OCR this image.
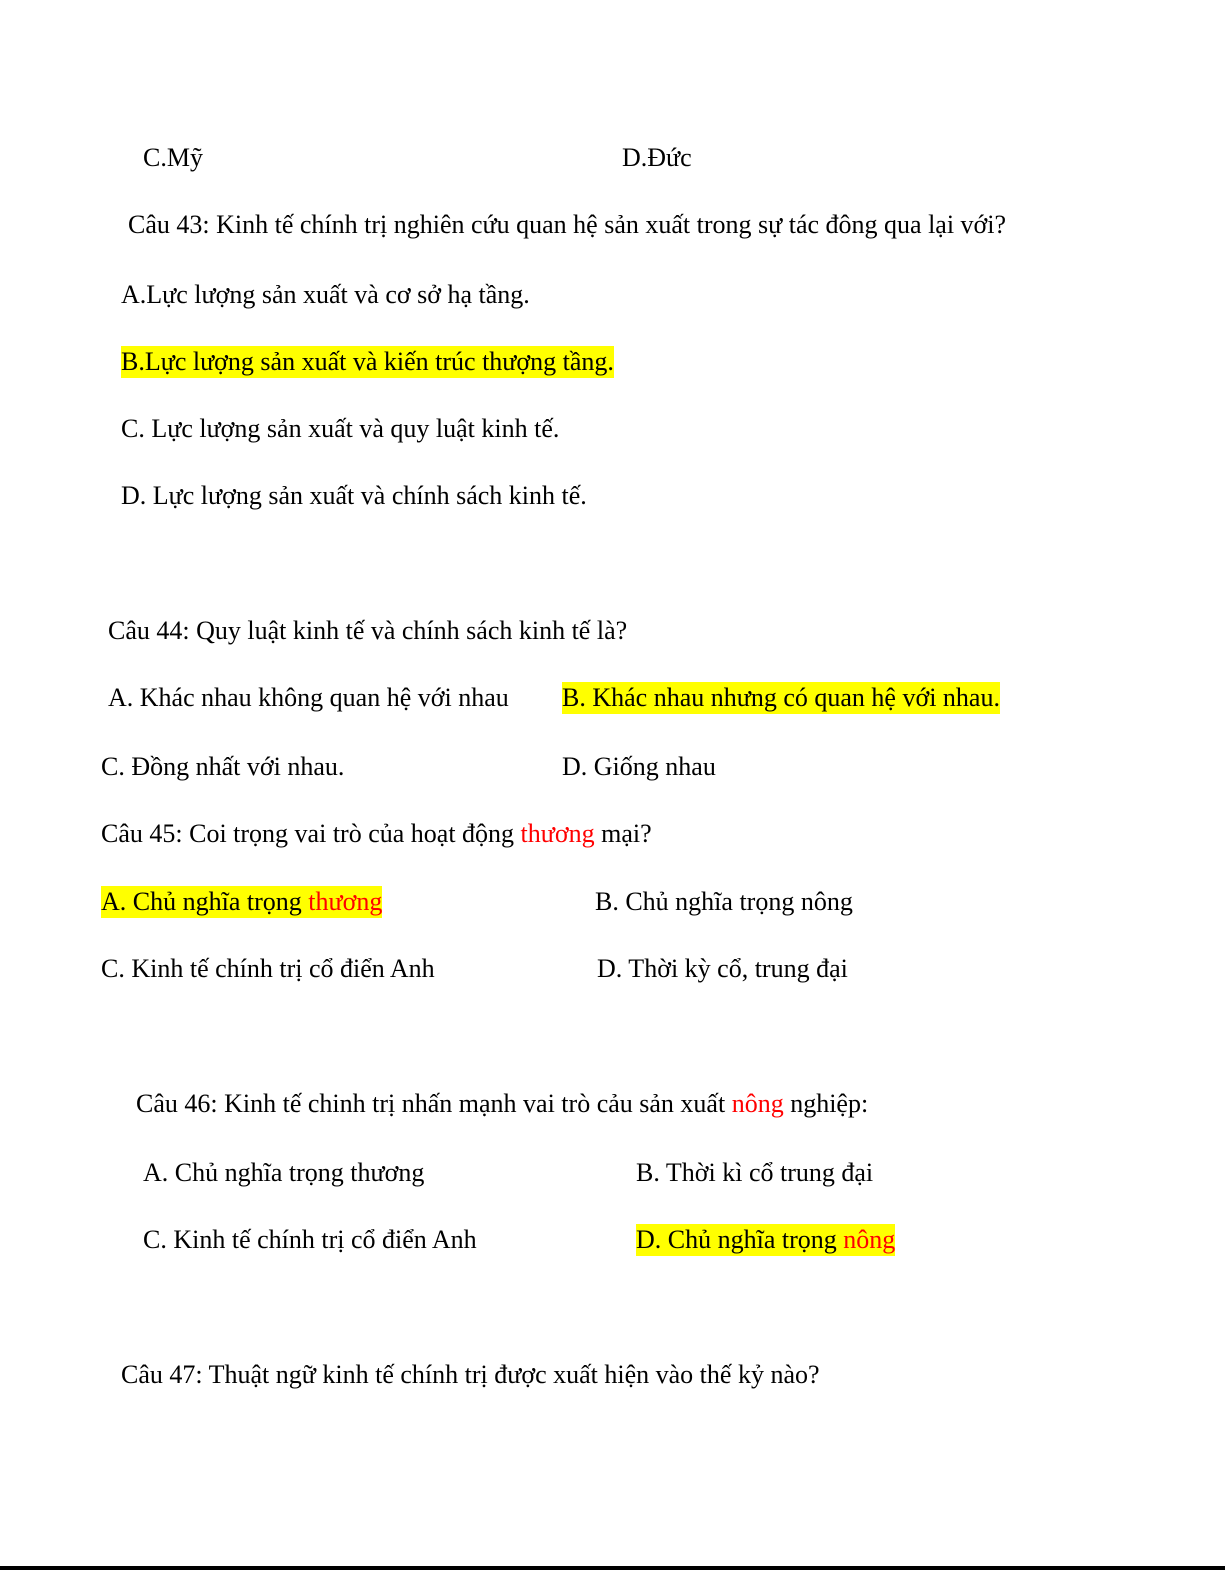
C.Mỹ	D.Đức
Câu 43: Kinh tế chính trị nghiên cứu quan hệ sản xuất trong sự tác đông qua lại với?
A.Lực lượng sản xuất và cơ sở hạ tầng.
B.Lực lượng sản xuất và kiến trúc thượng tầng.
C. Lực lượng sản xuất và quy luật kinh tế.
D. Lực lượng sản xuất và chính sách kinh tế.
Câu 44: Quy luật kinh tế và chính sách kinh tế là?
A. Khác nhau không quan hệ với nhau B. Khác nhau nhưng có quan hệ với nhau.
C. Đồng nhất với nhau.	D. Giống nhau
Câu 45: Coi trọng vai trò của hoạt động thương mại?
A. Chủ nghĩa trọng thương	B. Chủ nghĩa trọng nông
C. Kinh tế chính trị cổ điển Anh	D. Thời kỳ cổ, trung đại
Câu 46: Kinh tế chinh trị nhấn mạnh vai trò cảu sản xuất nông nghiệp:
A. Chủ nghĩa trọng thương	B. Thời kì cổ trung đại
C. Kinh tế chính trị cổ điển Anh	D. Chủ nghĩa trọng nông
Câu 47: Thuật ngữ kinh tế chính trị được xuất hiện vào thế kỷ nào?
